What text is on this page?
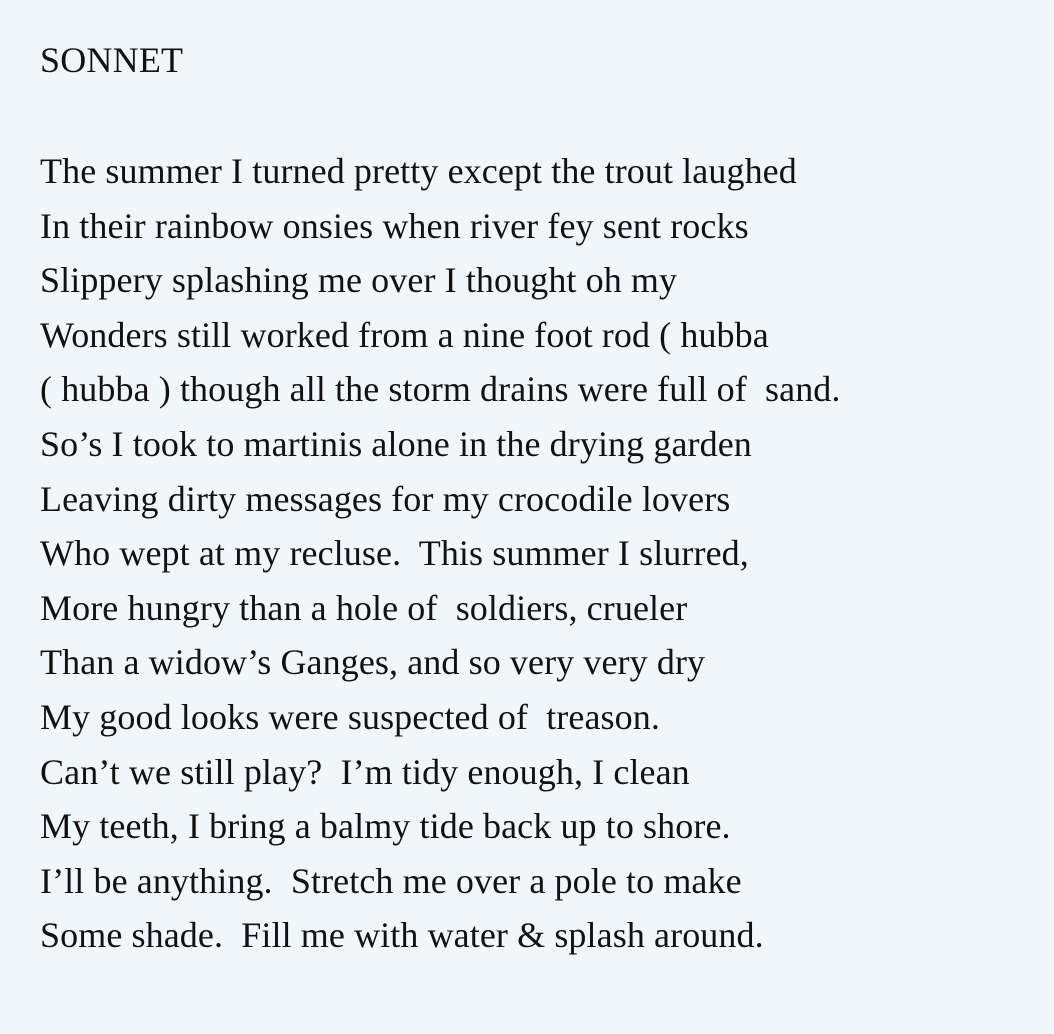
SONNET
The summer I turned pretty except the trout laughed
In their rainbow onsies when river fey sent rocks
Slippery splashing me over I thought oh my
Wonders still worked from a nine foot rod ( hubba
( hubba ) though all the storm drains were full of  sand.
So’s I took to martinis alone in the drying garden
Leaving dirty messages for my crocodile lovers
Who wept at my recluse.  This summer I slurred,
More hungry than a hole of  soldiers, crueler
Than a widow’s Ganges, and so very very dry
My good looks were suspected of  treason.
Can’t we still play?  I’m tidy enough, I clean
My teeth, I bring a balmy tide back up to shore.
I’ll be anything.  Stretch me over a pole to make
Some shade.  Fill me with water & splash around.
